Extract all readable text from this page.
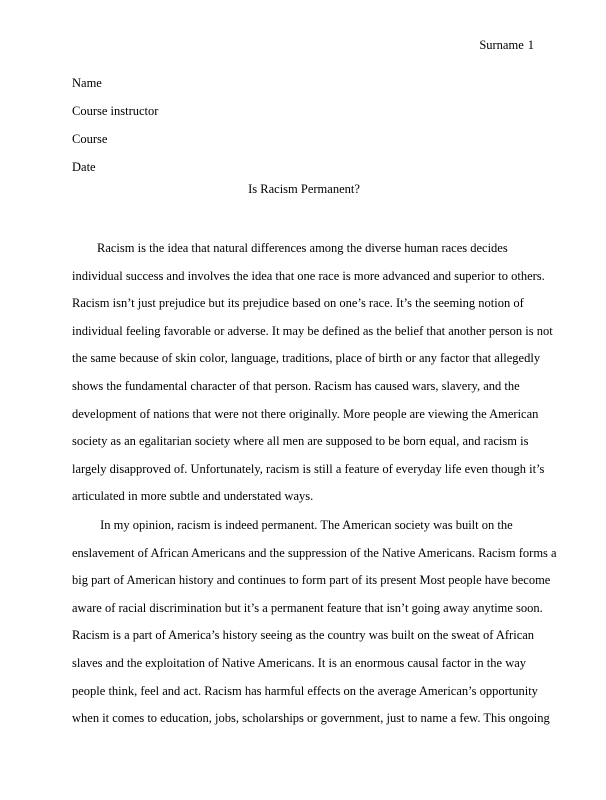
Surname 1
Name
Course instructor
Course
Date
Is Racism Permanent?
Racism is the idea that natural differences among the diverse human races decides
individual success and involves the idea that one race is more advanced and superior to others.
Racism isn’t just prejudice but its prejudice based on one’s race. It’s the seeming notion of
individual feeling favorable or adverse. It may be defined as the belief that another person is not
the same because of skin color, language, traditions, place of birth or any factor that allegedly
shows the fundamental character of that person. Racism has caused wars, slavery, and the
development of nations that were not there originally. More people are viewing the American
society as an egalitarian society where all men are supposed to be born equal, and racism is
largely disapproved of. Unfortunately, racism is still a feature of everyday life even though it’s
articulated in more subtle and understated ways.
In my opinion, racism is indeed permanent. The American society was built on the
enslavement of African Americans and the suppression of the Native Americans. Racism forms a
big part of American history and continues to form part of its present Most people have become
aware of racial discrimination but it’s a permanent feature that isn’t going away anytime soon.
Racism is a part of America’s history seeing as the country was built on the sweat of African
slaves and the exploitation of Native Americans. It is an enormous causal factor in the way
people think, feel and act. Racism has harmful effects on the average American’s opportunity
when it comes to education, jobs, scholarships or government, just to name a few. This ongoing
